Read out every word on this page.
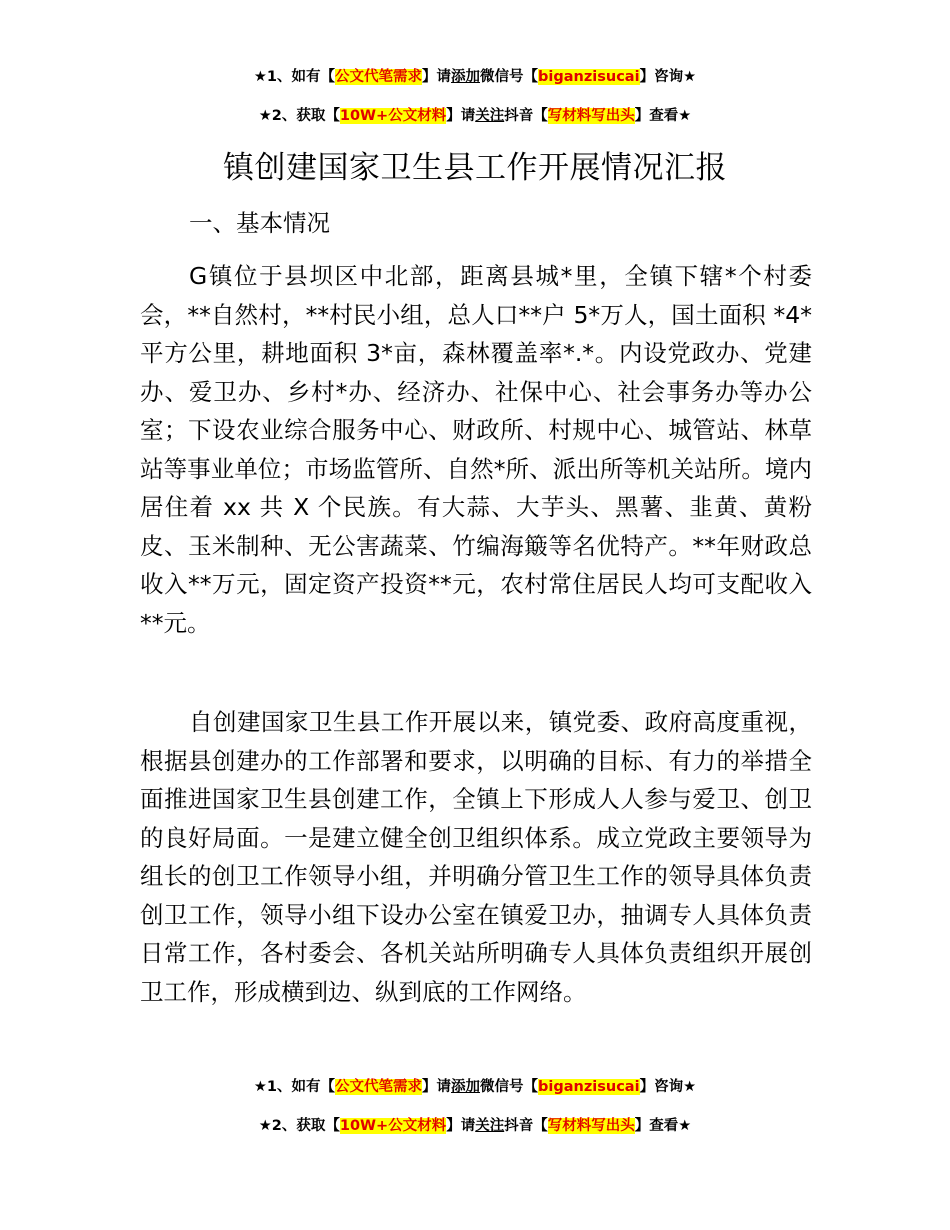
★1、如有【公文代笔需求】请添加微信号【biganzisucai】咨询★
★2、获取【10W+公文材料】请关注抖音【写材料写出头】查看★
镇创建国家卫生县工作开展情况汇报
一、基本情况

G镇位于县坝区中北部，距离县城*里，全镇下辖*个村委会，**自然村，**村民小组，总人口**户 5*万人，国土面积 *4*平方公里，耕地面积 3*亩，森林覆盖率*.*。内设党政办、党建办、爱卫办、乡村*办、经济办、社保中心、社会事务办等办公室；下设农业综合服务中心、财政所、村规中心、城管站、林草站等事业单位；市场监管所、自然*所、派出所等机关站所。境内居住着 xx 共 X 个民族。有大蒜、大芋头、黑薯、韭黄、黄粉皮、玉米制种、无公害蔬菜、竹编海簸等名优特产。**年财政总收入**万元，固定资产投资**元，农村常住居民人均可支配收入**元。

自创建国家卫生县工作开展以来，镇党委、政府高度重视，根据县创建办的工作部署和要求，以明确的目标、有力的举措全面推进国家卫生县创建工作，全镇上下形成人人参与爱卫、创卫的良好局面。一是建立健全创卫组织体系。成立党政主要领导为组长的创卫工作领导小组，并明确分管卫生工作的领导具体负责创卫工作，领导小组下设办公室在镇爱卫办，抽调专人具体负责日常工作，各村委会、各机关站所明确专人具体负责组织开展创卫工作，形成横到边、纵到底的工作网络。

★1、如有【公文代笔需求】请添加微信号【biganzisucai】咨询★
★2、获取【10W+公文材料】请关注抖音【写材料写出头】查看★
